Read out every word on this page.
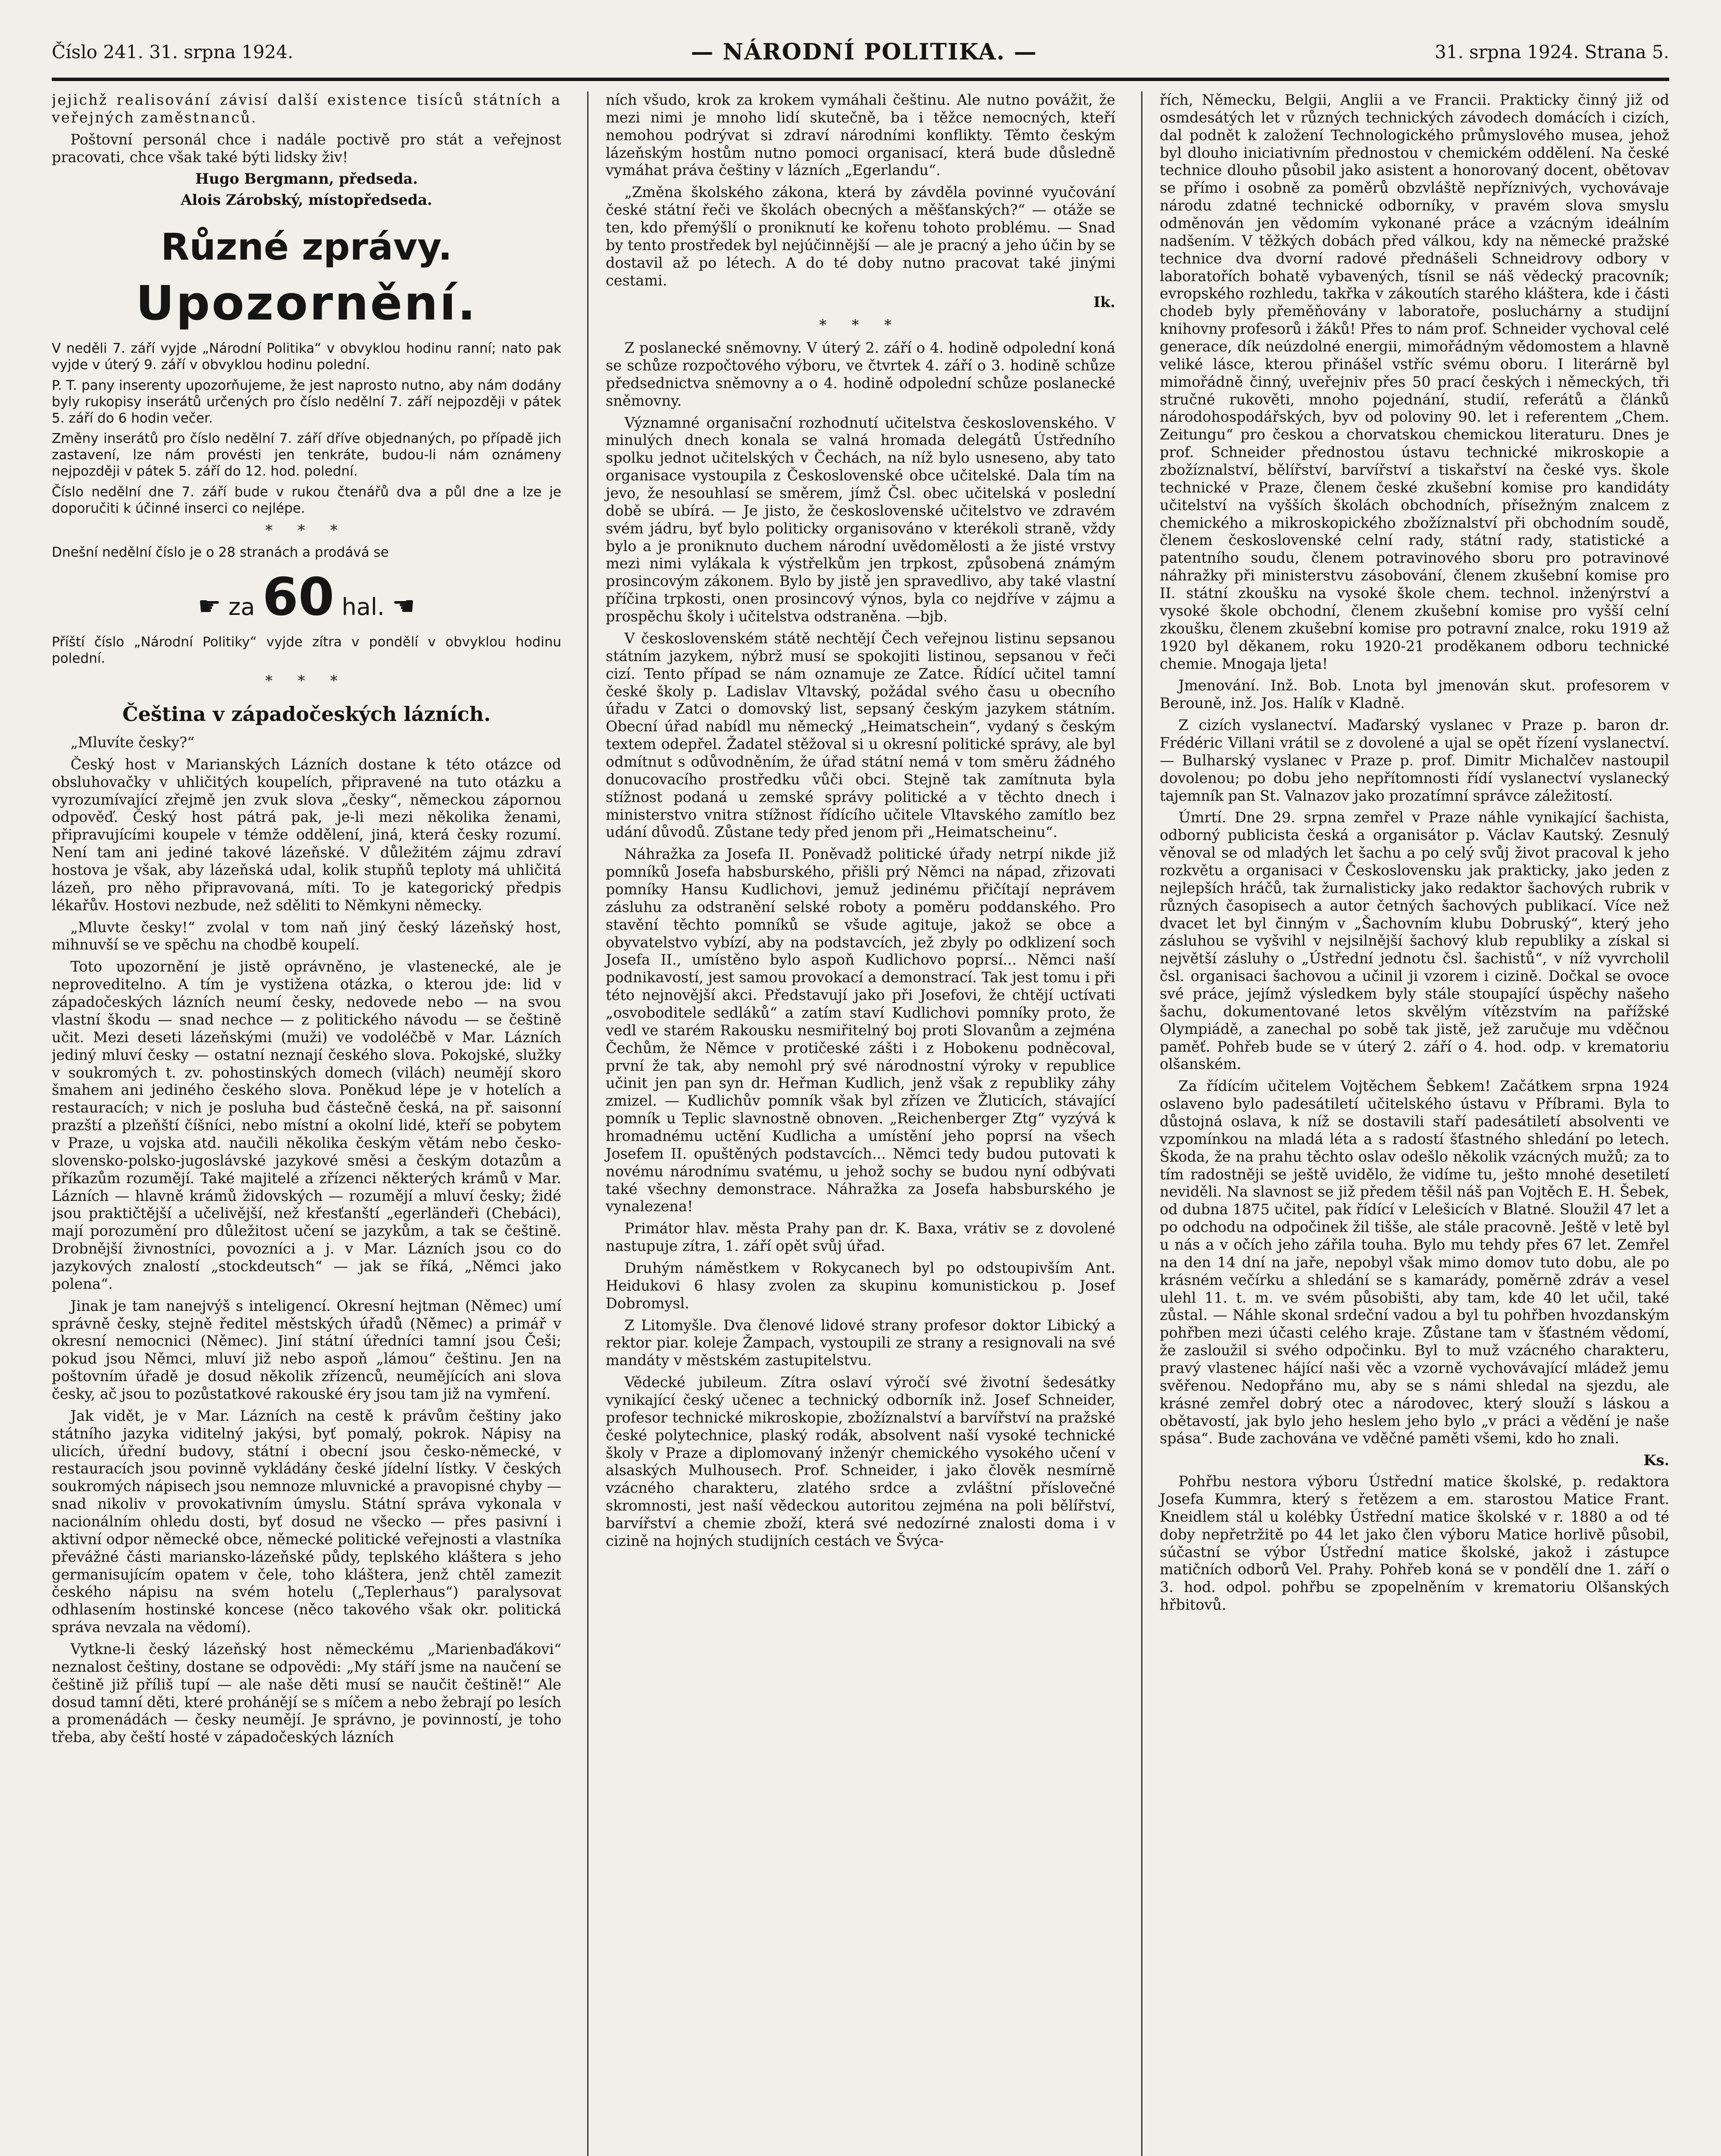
Číslo 241. 31. srpna 1924.	— NÁRODNÍ POLITIKA. —	31. srpna 1924. Strana 5.

jejichž realisování závisí další existence tisíců státních a veřejných zaměstnanců.

Poštovní personál chce i nadále poctivě pro stát a veřejnost pracovati, chce však také býti lidsky živ!

Hugo Bergmann, předseda.
Alois Zárobský, místopředseda.
Různé zprávy.
Upozornění.

V neděli 7. září vyjde „Národní Politika“ v obvyklou hodinu ranní; nato pak vyjde v úterý 9. září v obvyklou hodinu polední.

P. T. pany inserenty upozorňujeme, že jest naprosto nutno, aby nám dodány byly rukopisy inserátů určených pro číslo nedělní 7. září nejpozději v pátek 5. září do 6 hodin večer.

Změny inserátů pro číslo nedělní 7. září dříve objednaných, po případě jich zastavení, lze nám provésti jen tenkráte, budou-li nám oznámeny nejpozději v pátek 5. září do 12. hod. polední.

Číslo nedělní dne 7. září bude v rukou čtenářů dva a půl dne a lze je doporučiti k účinné inserci co nejlépe.

* * *

Dnešní nedělní číslo je o 28 stranách a prodává se

☛ za 60 hal. ☚

Příští číslo „Národní Politiky“ vyjde zítra v pondělí v obvyklou hodinu polední.

* * *
Čeština v západočeských lázních.

„Mluvíte česky?“

Český host v Marianských Lázních dostane k této otázce od obsluhovačky v uhličitých koupelích, připravené na tuto otázku a vyrozumívající zřejmě jen zvuk slova „česky“, německou zápornou odpověď. Český host pátrá pak, je-li mezi několika ženami, připravujícími koupele v témže oddělení, jiná, která česky rozumí. Není tam ani jediné takové lázeňské. V důležitém zájmu zdraví hostova je však, aby lázeňská udal, kolik stupňů teploty má uhličitá lázeň, pro něho připravovaná, míti. To je kategorický předpis lékařův. Hostovi nezbude, než sděliti to Němkyni německy.

„Mluvte česky!“ zvolal v tom naň jiný český lázeňský host, mihnuvší se ve spěchu na chodbě koupelí.

Toto upozornění je jistě oprávněno, je vlastenecké, ale je neproveditelno. A tím je vystižena otázka, o kterou jde: lid v západočeských lázních neumí česky, nedovede nebo — na svou vlastní škodu — snad nechce — z politického návodu — se češtině učit. Mezi deseti lázeňskými (muži) ve vodoléčbě v Mar. Lázních jediný mluví česky — ostatní neznají českého slova. Pokojské, služky v soukromých t. zv. pohostinských domech (vilách) neumějí skoro šmahem ani jediného českého slova. Poněkud lépe je v hotelích a restauracích; v nich je posluha bud částečně česká, na př. saisonní prazští a plzeňští číšníci, nebo místní a okolní lidé, kteří se pobytem v Praze, u vojska atd. naučili několika českým větám nebo česko-slovensko-polsko-jugoslávské jazykové směsi a českým dotazům a příkazům rozumějí. Také majitelé a zřízenci některých krámů v Mar. Lázních — hlavně krámů židovských — rozumějí a mluví česky; židé jsou praktičtější a učelivější, než křesťanští „egerländeři (Chebáci), mají porozumění pro důležitost učení se jazykům, a tak se češtině. Drobnější živnostníci, povozníci a j. v Mar. Lázních jsou co do jazykových znalostí „stockdeutsch“ — jak se říká, „Němci jako polena“.

Jinak je tam nanejvýš s inteligencí. Okresní hejtman (Němec) umí správně česky, stejně ředitel městských úřadů (Němec) a primář v okresní nemocnici (Němec). Jiní státní úředníci tamní jsou Češi; pokud jsou Němci, mluví již nebo aspoň „lámou“ češtinu. Jen na poštovním úřadě je dosud několik zřízenců, neumějících ani slova česky, ač jsou to pozůstatkové rakouské éry jsou tam již na vymření.

Jak vidět, je v Mar. Lázních na cestě k právům češtiny jako státního jazyka viditelný jakýsi, byť pomalý, pokrok. Nápisy na ulicích, úřední budovy, státní i obecní jsou česko-německé, v restauracích jsou povinně vykládány české jídelní lístky. V českých soukromých nápisech jsou nemnoze mluvnické a pravopisné chyby — snad nikoliv v provokativním úmyslu. Státní správa vykonala v nacionálním ohledu dosti, byť dosud ne všecko — přes pasivní i aktivní odpor německé obce, německé politické veřejnosti a vlastníka převážné části mariansko-lázeňské půdy, teplského kláštera s jeho germanisujícím opatem v čele, toho kláštera, jenž chtěl zamezit českého nápisu na svém hotelu („Teplerhaus“) paralysovat odhlasením hostinské koncese (něco takového však okr. politická správa nevzala na vědomí).

Vytkne-li český lázeňský host německému „Marienbaďákovi“ neznalost češtiny, dostane se odpovědi: „My stáří jsme na naučení se češtině již příliš tupí — ale naše děti musí se naučit češtině!“ Ale dosud tamní děti, které prohánějí se s míčem a nebo žebrají po lesích a promenádách — česky neumějí. Je správno, je povinností, je toho třeba, aby čeští hosté v západočeských lázních

ních všudo, krok za krokem vymáhali češtinu. Ale nutno povážit, že mezi nimi je mnoho lidí skutečně, ba i těžce nemocných, kteří nemohou podrývat si zdraví národními konflikty. Těmto českým lázeňským hostům nutno pomoci organisací, která bude důsledně vymáhat práva češtiny v lázních „Egerlandu“.

„Změna školského zákona, která by závděla povinné vyučování české státní řeči ve školách obecných a měšťanských?“ — otáže se ten, kdo přemýšlí o proniknutí ke kořenu tohoto problému. — Snad by tento prostředek byl nejúčinnější — ale je pracný a jeho účin by se dostavil až po létech. A do té doby nutno pracovat také jinými cestami.

Ik.
* * *

Z poslanecké sněmovny. V úterý 2. září o 4. hodině odpolední koná se schůze rozpočtového výboru, ve čtvrtek 4. září o 3. hodině schůze předsednictva sněmovny a o 4. hodině odpolední schůze poslanecké sněmovny.

Významné organisační rozhodnutí učitelstva československého. V minulých dnech konala se valná hromada delegátů Ústředního spolku jednot učitelských v Čechách, na níž bylo usneseno, aby tato organisace vystoupila z Československé obce učitelské. Dala tím na jevo, že nesouhlasí se směrem, jímž Čsl. obec učitelská v poslední době se ubírá. — Je jisto, že československé učitelstvo ve zdravém svém jádru, byť bylo politicky organisováno v kterékoli straně, vždy bylo a je proniknuto duchem národní uvědomělosti a že jisté vrstvy mezi nimi vylákala k výstřelkům jen trpkost, způsobená známým prosincovým zákonem. Bylo by jistě jen spravedlivo, aby také vlastní příčina trpkosti, onen prosincový výnos, byla co nejdříve v zájmu a prospěchu školy i učitelstva odstraněna. —bjb.

V československém státě nechtějí Čech veřejnou listinu sepsanou státním jazykem, nýbrž musí se spokojiti listinou, sepsanou v řeči cizí. Tento případ se nám oznamuje ze Zatce. Řídící učitel tamní české školy p. Ladislav Vltavský, požádal svého času u obecního úřadu v Zatci o domovský list, sepsaný českým jazykem státním. Obecní úřad nabídl mu německý „Heimatschein“, vydaný s českým textem odepřel. Žadatel stěžoval si u okresní politické správy, ale byl odmítnut s odůvodněním, že úřad státní nemá v tom směru žádného donucovacího prostředku vůči obci. Stejně tak zamítnuta byla stížnost podaná u zemské správy politické a v těchto dnech i ministerstvo vnitra stížnost řídícího učitele Vltavského zamítlo bez udání důvodů. Zůstane tedy před jenom při „Heimatscheinu“.

Náhražka za Josefa II. Poněvadž politické úřady netrpí nikde již pomníků Josefa habsburského, přišli prý Němci na nápad, zřizovati pomníky Hansu Kudlichovi, jemuž jedinému přičítají neprávem zásluhu za odstranění selské roboty a poměru poddanského. Pro stavění těchto pomníků se všude agituje, jakož se obce a obyvatelstvo vybízí, aby na podstavcích, jež zbyly po odklizení soch Josefa II., umístěno bylo aspoň Kudlichovo poprsí... Němci naší podnikavostí, jest samou provokací a demonstrací. Tak jest tomu i při této nejnovější akci. Představují jako při Josefovi, že chtějí uctívati „osvoboditele sedláků“ a zatím staví Kudlichovi pomníky proto, že vedl ve starém Rakousku nesmiřitelný boj proti Slovanům a zejména Čechům, že Němce v protičeské zášti i z Hobokenu podněcoval, první že tak, aby nemohl prý své národnostní výroky v republice učinit jen pan syn dr. Heřman Kudlich, jenž však z republiky záhy zmizel. — Kudlichův pomník však byl zřízen ve Žluticích, stávající pomník u Teplic slavnostně obnoven. „Reichenberger Ztg“ vyzývá k hromadnému uctění Kudlicha a umístění jeho poprsí na všech Josefem II. opuštěných podstavcích... Němci tedy budou putovati k novému národnímu svatému, u jehož sochy se budou nyní odbývati také všechny demonstrace. Náhražka za Josefa habsburského je vynalezena!

Primátor hlav. města Prahy pan dr. K. Baxa, vrátiv se z dovolené nastupuje zítra, 1. září opět svůj úřad.

Druhým náměstkem v Rokycanech byl po odstoupivším Ant. Heidukovi 6 hlasy zvolen za skupinu komunistickou p. Josef Dobromysl.

Z Litomyšle. Dva členové lidové strany profesor doktor Libický a rektor piar. koleje Žampach, vystoupili ze strany a resignovali na své mandáty v městském zastupitelstvu.

Vědecké jubileum. Zítra oslaví výročí své životní šedesátky vynikající český učenec a technický odborník inž. Josef Schneider, profesor technické mikroskopie, zbožíznalství a barvířství na pražské české polytechnice, plaský rodák, absolvent naší vysoké technické školy v Praze a diplomovaný inženýr chemického vysokého učení v alsaských Mulhousech. Prof. Schneider, i jako člověk nesmírně vzácného charakteru, zlatého srdce a zvláštní příslovečné skromnosti, jest naší vědeckou autoritou zejména na poli bělířství, barvířství a chemie zboží, která své nedozírné znalosti doma i v cizině na hojných studijních cestách ve Švýca-

řích, Německu, Belgii, Anglii a ve Francii. Prakticky činný již od osmdesátých let v různých technických závodech domácích i cizích, dal podnět k založení Technologického průmyslového musea, jehož byl dlouho iniciativním přednostou v chemickém oddělení. Na české technice dlouho působil jako asistent a honorovaný docent, obětovav se přímo i osobně za poměrů obzvláště nepříznivých, vychovávaje národu zdatné technické odborníky, v pravém slova smyslu odměnován jen vědomím vykonané práce a vzácným ideálním nadšením. V těžkých dobách před válkou, kdy na německé pražské technice dva dvorní radové přednášeli Schneidrovy odbory v laboratořích bohatě vybavených, tísnil se náš vědecký pracovník; evropského rozhledu, takřka v zákoutích starého kláštera, kde i části chodeb byly přeměňovány v laboratoře, posluchárny a studijní knihovny profesorů i žáků! Přes to nám prof. Schneider vychoval celé generace, dík neúzdolné energii, mimořádným vědomostem a hlavně veliké lásce, kterou přinášel vstříc svému oboru. I literárně byl mimořádně činný, uveřejniv přes 50 prací českých i německých, tři stručné rukověti, mnoho pojednání, studií, referátů a článků národohospodářských, byv od poloviny 90. let i referentem „Chem. Zeitungu“ pro českou a chorvatskou chemickou literaturu. Dnes je prof. Schneider přednostou ústavu technické mikroskopie a zbožíznalství, bělířství, barvířství a tiskařství na české vys. škole technické v Praze, členem české zkušební komise pro kandidáty učitelství na vyšších školách obchodních, přísežným znalcem z chemického a mikroskopického zbožíznalství při obchodním soudě, členem československé celní rady, státní rady, statistické a patentního soudu, členem potravinového sboru pro potravinové náhražky při ministerstvu zásobování, členem zkušební komise pro II. státní zkoušku na vysoké škole chem. technol. inženýrství a vysoké škole obchodní, členem zkušební komise pro vyšší celní zkoušku, členem zkušební komise pro potravní znalce, roku 1919 až 1920 byl děkanem, roku 1920-21 proděkanem odboru technické chemie. Mnogaja ljeta!

Jmenování. Inž. Bob. Lnota byl jmenován skut. profesorem v Berouně, inž. Jos. Halík v Kladně.

Z cizích vyslanectví. Maďarský vyslanec v Praze p. baron dr. Frédéric Villani vrátil se z dovolené a ujal se opět řízení vyslanectví. — Bulharský vyslanec v Praze p. prof. Dimitr Michalčev nastoupil dovolenou; po dobu jeho nepřítomnosti řídí vyslanectví vyslanecký tajemník pan St. Valnazov jako prozatímní správce záležitostí.

Úmrtí. Dne 29. srpna zemřel v Praze náhle vynikající šachista, odborný publicista česká a organisátor p. Václav Kautský. Zesnulý věnoval se od mladých let šachu a po celý svůj život pracoval k jeho rozkvětu a organisaci v Československu jak prakticky, jako jeden z nejlepších hráčů, tak žurnalisticky jako redaktor šachových rubrik v různých časopisech a autor četných šachových publikací. Více než dvacet let byl činným v „Šachovním klubu Dobruský“, který jeho zásluhou se vyšvihl v nejsilnější šachový klub republiky a získal si největší zásluhy o „Ústřední jednotu čsl. šachistů“, v níž vyvrcholil čsl. organisaci šachovou a učinil ji vzorem i cizině. Dočkal se ovoce své práce, jejímž výsledkem byly stále stoupající úspěchy našeho šachu, dokumentované letos skvělým vítězstvím na pařížské Olympiádě, a zanechal po sobě tak jistě, jež zaručuje mu vděčnou paměť. Pohřeb bude se v úterý 2. září o 4. hod. odp. v krematoriu olšanském.

Za řídícím učitelem Vojtěchem Šebkem! Začátkem srpna 1924 oslaveno bylo padesátiletí učitelského ústavu v Příbrami. Byla to důstojná oslava, k níž se dostavili staří padesátiletí absolventi ve vzpomínkou na mladá léta a s radostí šťastného shledání po letech. Škoda, že na prahu těchto oslav odešlo několik vzácných mužů; za to tím radostněji se ještě uvidělo, že vidíme tu, ješto mnohé desetiletí neviděli. Na slavnost se již předem těšil náš pan Vojtěch E. H. Šebek, od dubna 1875 učitel, pak řídící v Lelešicích v Blatné. Sloužil 47 let a po odchodu na odpočinek žil tišše, ale stále pracovně. Ještě v letě byl u nás a v očích jeho zářila touha. Bylo mu tehdy přes 67 let. Zemřel na den 14 dní na jaře, nepobyl však mimo domov tuto dobu, ale po krásném večírku a shledání se s kamarády, poměrně zdráv a vesel ulehl 11. t. m. ve svém působišti, aby tam, kde 40 let učil, také zůstal. — Náhle skonal srdeční vadou a byl tu pohřben hvozdanským pohřben mezi účasti celého kraje. Zůstane tam v šťastném vědomí, že zasloužil si svého odpočinku. Byl to muž vzácného charakteru, pravý vlastenec hájící naši věc a vzorně vychovávající mládež jemu svěřenou. Nedopřáno mu, aby se s námi shledal na sjezdu, ale krásné zemřel dobrý otec a národovec, který slouží s láskou a obětavostí, jak bylo jeho heslem jeho bylo „v práci a vědění je naše spása“. Bude zachována ve vděčné paměti všemi, kdo ho znali.

Ks.

Pohřbu nestora výboru Ústřední matice školské, p. redaktora Josefa Kummra, který s řetězem a em. starostou Matice Frant. Kneidlem stál u kolébky Ústřední matice školské v r. 1880 a od té doby nepřetržitě po 44 let jako člen výboru Matice horlivě působil, súčastní se výbor Ústřední matice školské, jakož i zástupce matičních odborů Vel. Prahy. Pohřeb koná se v pondělí dne 1. září o 3. hod. odpol. pohřbu se zpopelněním v krematoriu Olšanských hřbitovů.
